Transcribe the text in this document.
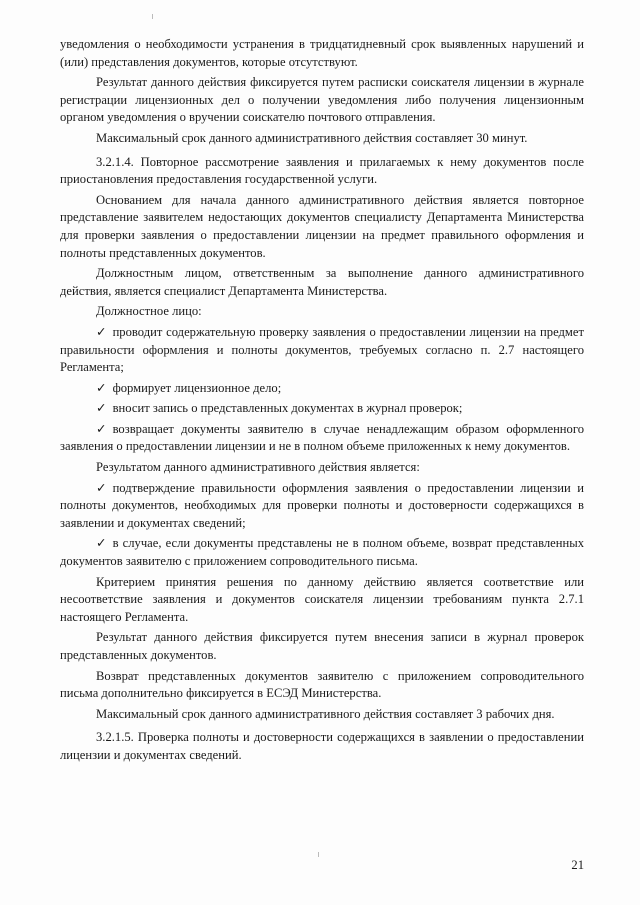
уведомления о необходимости устранения в тридцатидневный срок выявленных нарушений и (или) представления документов, которые отсутствуют.

Результат данного действия фиксируется путем расписки соискателя лицензии в журнале регистрации лицензионных дел о получении уведомления либо получения лицензионным органом уведомления о вручении соискателю почтового отправления.

Максимальный срок данного административного действия составляет 30 минут.

3.2.1.4. Повторное рассмотрение заявления и прилагаемых к нему документов после приостановления предоставления государственной услуги.

Основанием для начала данного административного действия является повторное представление заявителем недостающих документов специалисту Департамента Министерства для проверки заявления о предоставлении лицензии на предмет правильного оформления и полноты представленных документов.

Должностным лицом, ответственным за выполнение данного административного действия, является специалист Департамента Министерства.

Должностное лицо:

✓ проводит содержательную проверку заявления о предоставлении лицензии на предмет правильности оформления и полноты документов, требуемых согласно п. 2.7 настоящего Регламента;

✓ формирует лицензионное дело;

✓ вносит запись о представленных документах в журнал проверок;

✓ возвращает документы заявителю в случае ненадлежащим образом оформленного заявления о предоставлении лицензии и не в полном объеме приложенных к нему документов.

Результатом данного административного действия является:

✓ подтверждение правильности оформления заявления о предоставлении лицензии и полноты документов, необходимых для проверки полноты и достоверности содержащихся в заявлении и документах сведений;

✓ в случае, если документы представлены не в полном объеме, возврат представленных документов заявителю с приложением сопроводительного письма.

Критерием принятия решения по данному действию является соответствие или несоответствие заявления и документов соискателя лицензии требованиям пункта 2.7.1 настоящего Регламента.

Результат данного действия фиксируется путем внесения записи в журнал проверок представленных документов.

Возврат представленных документов заявителю с приложением сопроводительного письма дополнительно фиксируется в ЕСЭД Министерства.

Максимальный срок данного административного действия составляет 3 рабочих дня.

3.2.1.5. Проверка полноты и достоверности содержащихся в заявлении о предоставлении лицензии и документах сведений.

21
